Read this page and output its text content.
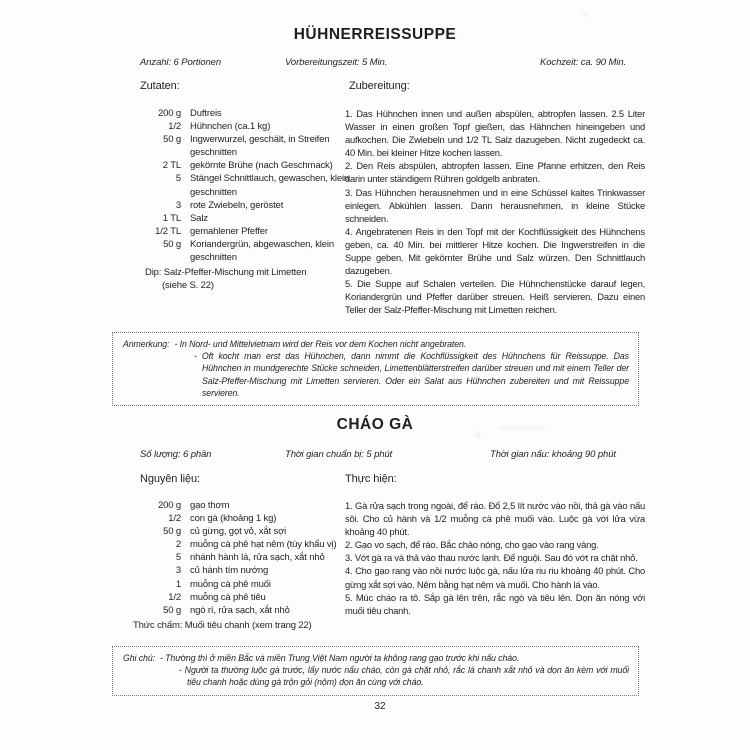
HÜHNERREISSUPPE
Anzahl: 6 Portionen	Vorbereitungszeit: 5 Min.	Kochzeit: ca. 90 Min.
Zutaten:	Zubereitung:
200 g Duftreis
1/2 Hühnchen (ca.1 kg)
50 g Ingwerwurzel, geschält, in Streifen geschnitten
2 TL gekörnte Brühe (nach Geschmack)
5 Stängel Schnittlauch, gewaschen, klein geschnitten
3 rote Zwiebeln, geröstet
1 TL Salz
1/2 TL gemahlener Pfeffer
50 g Koriandergrün, abgewaschen, klein geschnitten
Dip: Salz-Pfeffer-Mischung mit Limetten
(siehe S. 22)

1. Das Hühnchen innen und außen abspülen, abtropfen lassen. 2.5 Liter Wasser in einen großen Topf gießen, das Hähnchen hineingeben und aufkochen. Die Zwiebeln und 1/2 TL Salz dazugeben. Nicht zugedeckt ca. 40 Min. bei kleiner Hitze kochen lassen.

2. Den Reis abspülen, abtropfen lassen. Eine Pfanne erhitzen, den Reis darin unter ständigem Rühren goldgelb anbraten.

3. Das Hühnchen herausnehmen und in eine Schüssel kaltes Trinkwasser einlegen. Abkühlen lassen. Dann herausnehmen, in kleine Stücke schneiden.

4. Angebratenen Reis in den Topf mit der Kochflüssigkeit des Hühnchens geben, ca. 40 Min. bei mittlerer Hitze kochen. Die Ingwerstreifen in die Suppe geben. Mit gekörnter Brühe und Salz würzen. Den Schnittlauch dazugeben.

5. Die Suppe auf Schalen verteilen. Die Hühnchenstücke darauf legen, Koriandergrün und Pfeffer darüber streuen. Heiß servieren. Dazu einen Teller der Salz-Pfeffer-Mischung mit Limetten reichen.

Anmerkung: - In Nord- und Mittelvietnam wird der Reis vor dem Kochen nicht angebraten.
- Oft kocht man erst das Hühnchen, dann nimmt die Kochflüssigkeit des Hühnchens für Reissuppe. Das Hühnchen in mundgerechte Stücke schneiden, Limettenblätterstreifen darüber streuen und mit einem Teller der Salz-Pfeffer-Mischung mit Limetten servieren. Oder ein Salat aus Hühnchen zubereiten und mit Reissuppe servieren.
CHÁO GÀ
Số lượng: 6 phần	Thời gian chuẩn bị: 5 phút	Thời gian nấu: khoảng 90 phút
Nguyên liệu:	Thực hiện:
200 g gạo thơm
1/2 con gà (khoảng 1 kg)
50 g củ gừng, gọt vỏ, xắt sợi
2 muỗng cà phê hạt nêm (tùy khẩu vị)
5 nhánh hành lá, rửa sạch, xắt nhỏ
3 củ hành tím nướng
1 muỗng cà phê muối
1/2 muỗng cà phê tiêu
50 g ngò rí, rửa sạch, xắt nhỏ
Thức chấm: Muối tiêu chanh (xem trang 22)

1. Gà rửa sạch trong ngoài, để ráo. Đổ 2,5 lít nước vào nồi, thả gà vào nấu sôi. Cho củ hành và 1/2 muỗng cà phê muối vào. Luộc gà với lửa vừa khoảng 40 phút.

2. Gạo vo sạch, để ráo. Bắc chảo nóng, cho gạo vào rang vàng.

3. Vớt gà ra và thả vào thau nước lạnh. Để nguội. Sau đó vớt ra chặt nhỏ.

4. Cho gạo rang vào nồi nước luộc gà, nấu lửa riu riu khoảng 40 phút. Cho gừng xắt sợi vào. Nêm bằng hạt nêm và muối. Cho hành lá vào.

5. Múc cháo ra tô. Sắp gà lên trên, rắc ngò và tiêu lên. Dọn ăn nóng với muối tiêu chanh.

Ghi chú: - Thường thì ở miền Bắc và miền Trung Việt Nam người ta không rang gạo trước khi nấu cháo.
- Người ta thường luộc gà trước, lấy nước nấu cháo, còn gà chặt nhỏ, rắc lá chanh xắt nhỏ và dọn ăn kèm với muối tiêu chanh hoặc dùng gà trộn gỏi (nộm) dọn ăn cùng với cháo.
32
